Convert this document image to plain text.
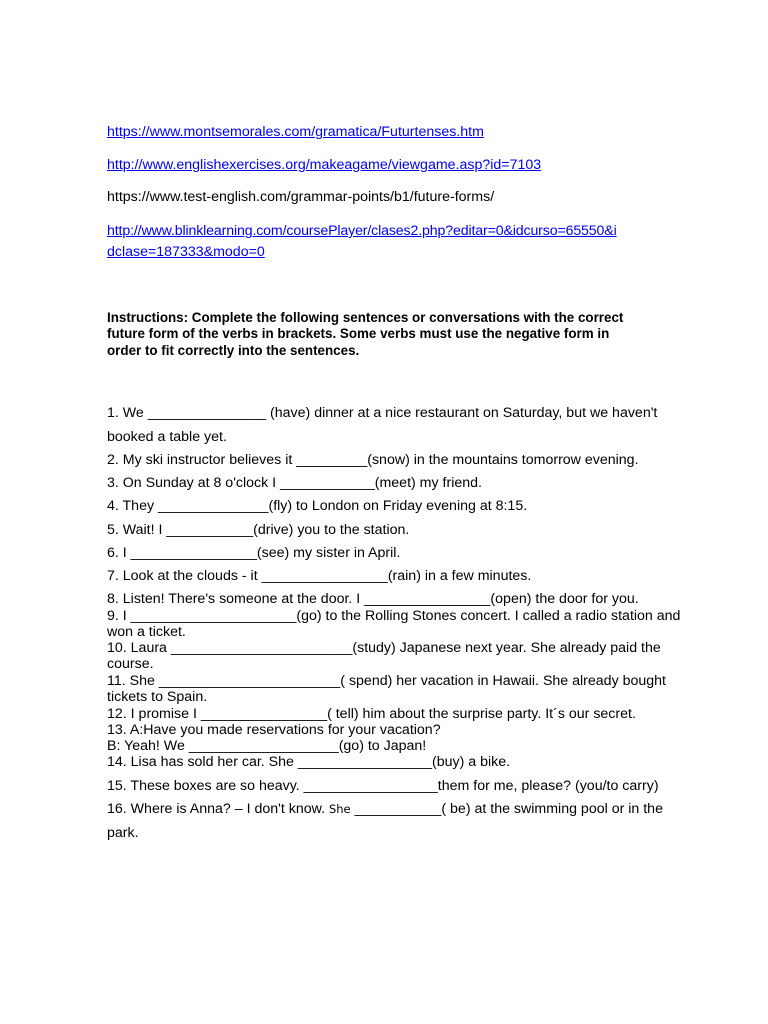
https://www.montsemorales.com/gramatica/Futurtenses.htm
http://www.englishexercises.org/makeagame/viewgame.asp?id=7103
https://www.test-english.com/grammar-points/b1/future-forms/
http://www.blinklearning.com/coursePlayer/clases2.php?editar=0&idcurso=65550&i
dclase=187333&modo=0
Instructions: Complete the following sentences or conversations with the correct
future form of the verbs in brackets. Some verbs must use the negative form in
order to fit correctly into the sentences.
1. We _______________ (have) dinner at a nice restaurant on Saturday, but we haven't
booked a table yet.
2. My ski instructor believes it _________(snow) in the mountains tomorrow evening.
3. On Sunday at 8 o'clock I ____________(meet) my friend.
4. They ______________(fly) to London on Friday evening at 8:15.
5. Wait! I ___________(drive) you to the station.
6. I ________________(see) my sister in April.
7. Look at the clouds - it ________________(rain) in a few minutes.
8. Listen! There's someone at the door. I ________________(open) the door for you.
9. I _____________________(go) to the Rolling Stones concert. I called a radio station and
won a ticket.
10. Laura _______________________(study) Japanese next year. She already paid the
course.
11. She _______________________( spend) her vacation in Hawaii. She already bought
tickets to Spain.
12. I promise I ________________( tell) him about the surprise party. It´s our secret.
13. A:Have you made reservations for your vacation?
B: Yeah! We ___________________(go) to Japan!
14. Lisa has sold her car. She _________________(buy) a bike.
15. These boxes are so heavy. _________________them for me, please? (you/to carry)
16. Where is Anna? – I don't know. She ___________( be) at the swimming pool or in the
park.
